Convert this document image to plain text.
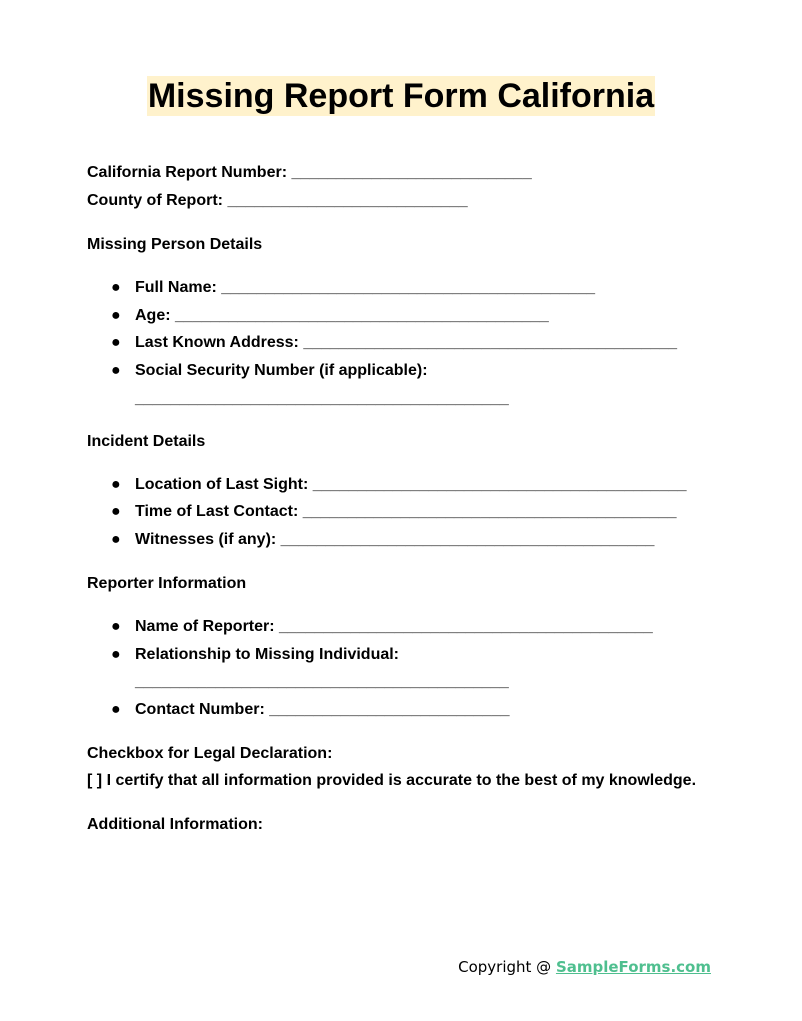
Missing Report Form California
California Report Number: ___________________________
County of Report: ___________________________
Missing Person Details
● Full Name: __________________________________________
● Age: __________________________________________
● Last Known Address: __________________________________________
● Social Security Number (if applicable):
__________________________________________
Incident Details
● Location of Last Sight: __________________________________________
● Time of Last Contact: __________________________________________
● Witnesses (if any): __________________________________________
Reporter Information
● Name of Reporter: __________________________________________
● Relationship to Missing Individual:
__________________________________________
● Contact Number: ___________________________
Checkbox for Legal Declaration:
[ ] I certify that all information provided is accurate to the best of my knowledge.
Additional Information:
Copyright @ SampleForms.com
